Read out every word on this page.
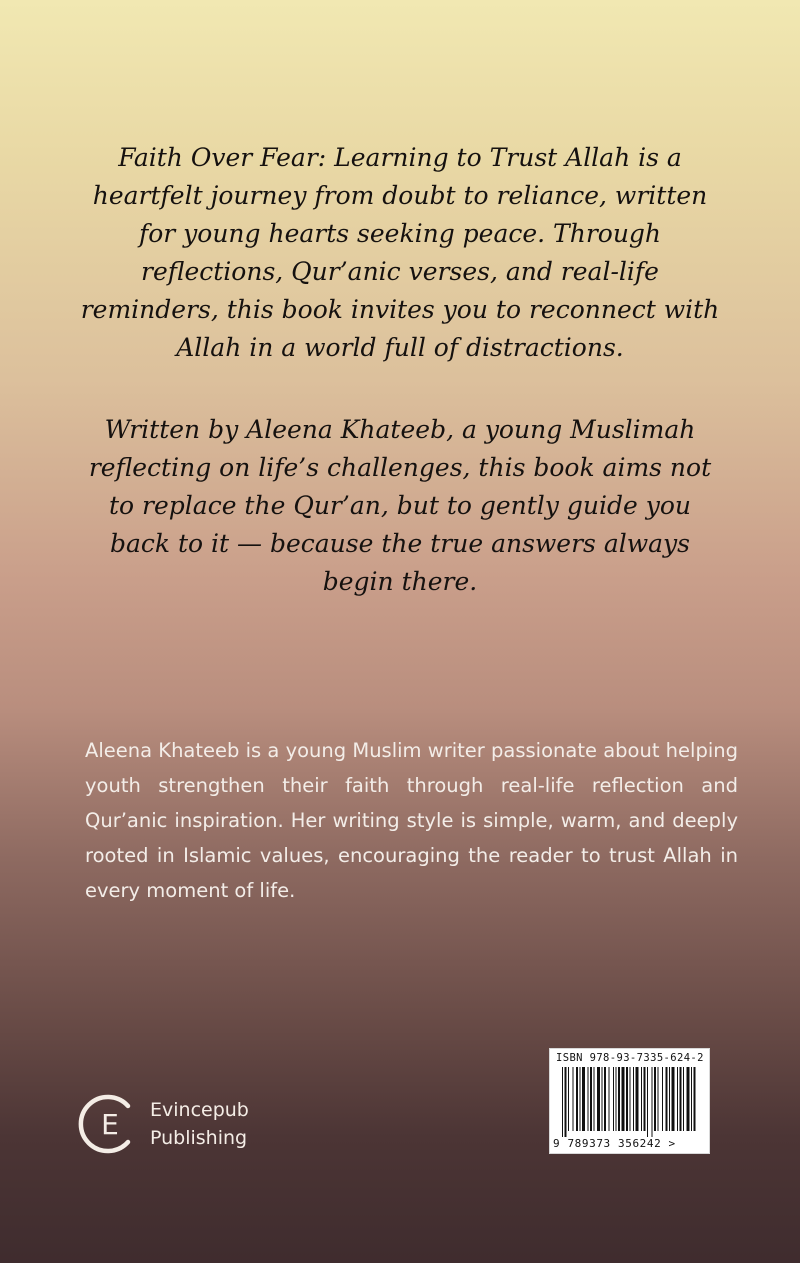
Faith Over Fear: Learning to Trust Allah is a heartfelt journey from doubt to reliance, written for young hearts seeking peace. Through reflections, Qur’anic verses, and real-life reminders, this book invites you to reconnect with Allah in a world full of distractions.

Written by Aleena Khateeb, a young Muslimah reflecting on life’s challenges, this book aims not to replace the Qur’an, but to gently guide you back to it — because the true answers always begin there.

Aleena Khateeb is a young Muslim writer passionate about helping youth strengthen their faith through real-life reflection and Qur’anic inspiration. Her writing style is simple, warm, and deeply rooted in Islamic values, encouraging the reader to trust Allah in every moment of life.

E Evincepub
Publishing
ISBN 978-93-7335-624-2
9 789373 356242 >
